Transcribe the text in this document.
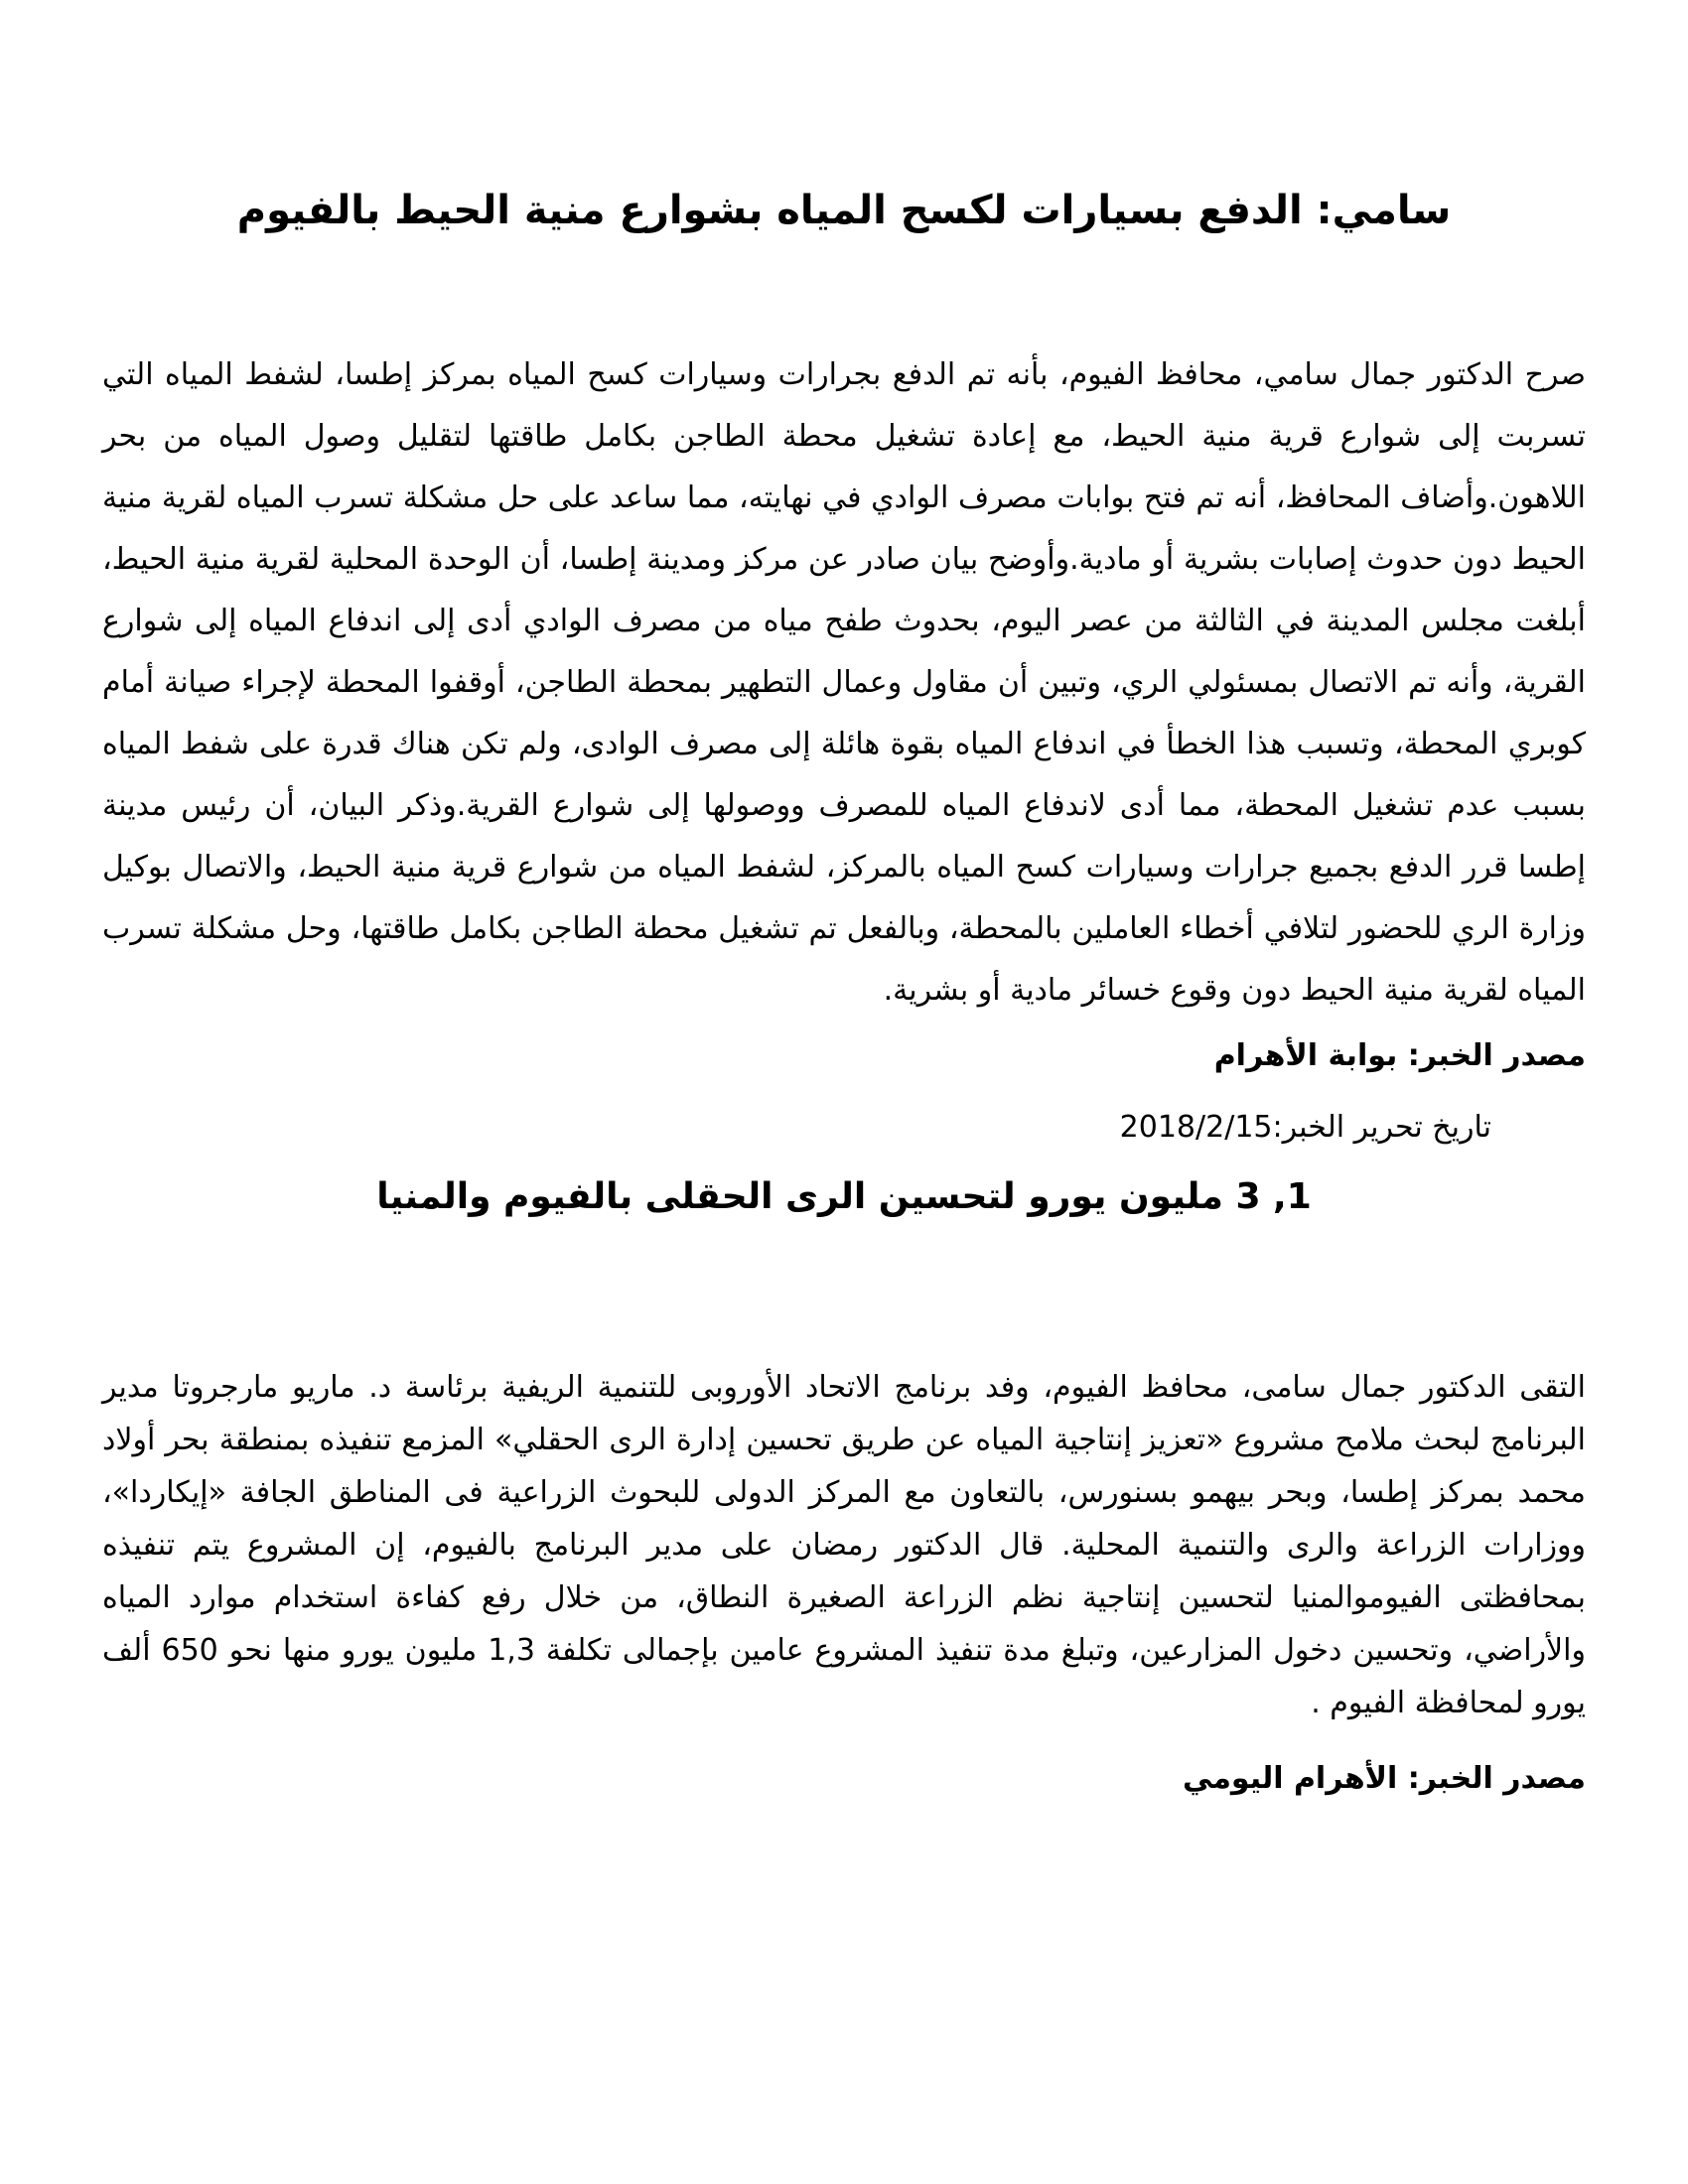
سامي: الدفع بسيارات لكسح المياه بشوارع منية الحيط بالفيوم

صرح الدكتور جمال سامي، محافظ الفيوم، بأنه تم الدفع بجرارات وسيارات كسح المياه بمركز إطسا، لشفط المياه التي تسربت إلى شوارع قرية منية الحيط، مع إعادة تشغيل محطة الطاجن بكامل طاقتها لتقليل وصول المياه من بحر اللاهون.وأضاف المحافظ، أنه تم فتح بوابات مصرف الوادي في نهايته، مما ساعد على حل مشكلة تسرب المياه لقرية منية الحيط دون حدوث إصابات بشرية أو مادية.وأوضح بيان صادر عن مركز ومدينة إطسا، أن الوحدة المحلية لقرية منية الحيط، أبلغت مجلس المدينة في الثالثة من عصر اليوم، بحدوث طفح مياه من مصرف الوادي أدى إلى اندفاع المياه إلى شوارع القرية، وأنه تم الاتصال بمسئولي الري، وتبين أن مقاول وعمال التطهير بمحطة الطاجن، أوقفوا المحطة لإجراء صيانة أمام كوبري المحطة، وتسبب هذا الخطأ في اندفاع المياه بقوة هائلة إلى مصرف الوادى، ولم تكن هناك قدرة على شفط المياه بسبب عدم تشغيل المحطة، مما أدى لاندفاع المياه للمصرف ووصولها إلى شوارع القرية.وذكر البيان، أن رئيس مدينة إطسا قرر الدفع بجميع جرارات وسيارات كسح المياه بالمركز، لشفط المياه من شوارع قرية منية الحيط، والاتصال بوكيل وزارة الري للحضور لتلافي أخطاء العاملين بالمحطة، وبالفعل تم تشغيل محطة الطاجن بكامل طاقتها، وحل مشكلة تسرب المياه لقرية منية الحيط دون وقوع خسائر مادية أو بشرية.

مصدر الخبر: بوابة الأهرام

تاريخ تحرير الخبر:2018/2/15

1, 3 مليون يورو لتحسين الرى الحقلى بالفيوم والمنيا

التقى الدكتور جمال سامى، محافظ الفيوم، وفد برنامج الاتحاد الأوروبى للتنمية الريفية برئاسة د. ماريو مارجروتا مدير البرنامج لبحث ملامح مشروع «تعزيز إنتاجية المياه عن طريق تحسين إدارة الرى الحقلي» المزمع تنفيذه بمنطقة بحر أولاد محمد بمركز إطسا، وبحر بيهمو بسنورس، بالتعاون مع المركز الدولى للبحوث الزراعية فى المناطق الجافة «إيكاردا»، ووزارات الزراعة والرى والتنمية المحلية. قال الدكتور رمضان على مدير البرنامج بالفيوم، إن المشروع يتم تنفيذه بمحافظتى الفيوموالمنيا لتحسين إنتاجية نظم الزراعة الصغيرة النطاق، من خلال رفع كفاءة استخدام موارد المياه والأراضي، وتحسين دخول المزارعين، وتبلغ مدة تنفيذ المشروع عامين بإجمالى تكلفة 1,3 مليون يورو منها نحو 650 ألف يورو لمحافظة الفيوم .

مصدر الخبر: الأهرام اليومي
